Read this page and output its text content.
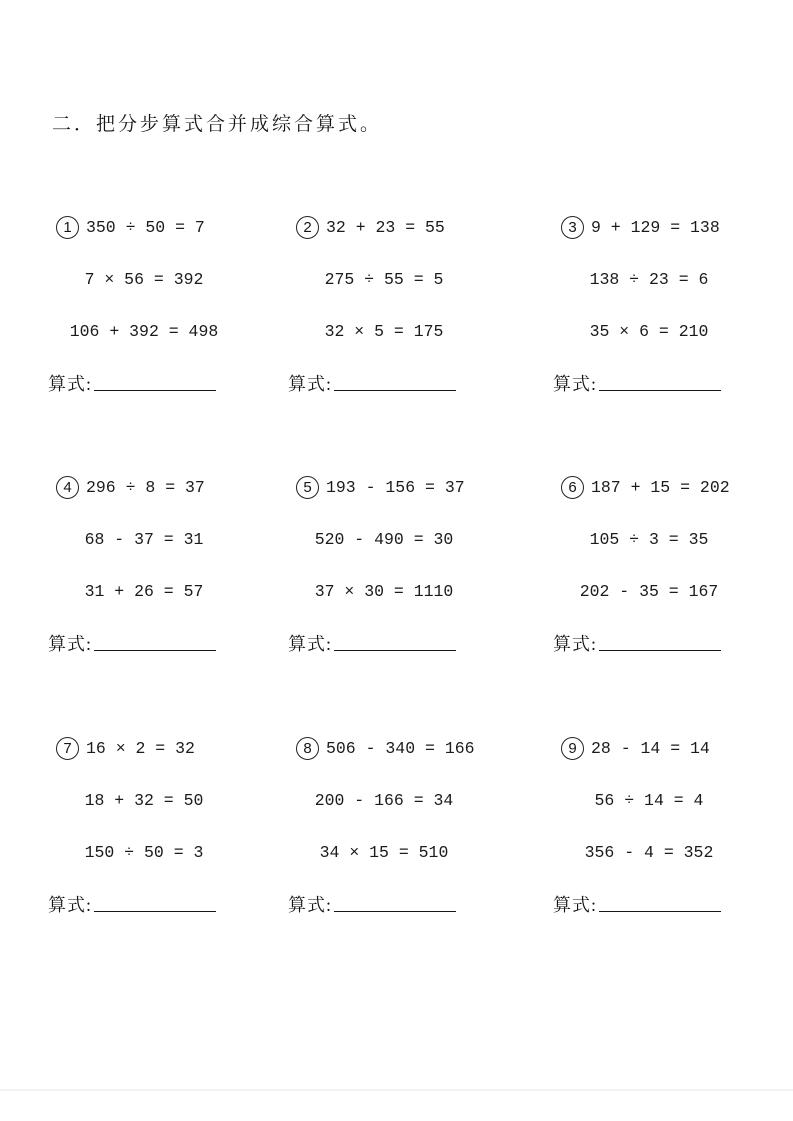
二．把分步算式合并成综合算式。
1 350 ÷ 50 = 7
7 × 56 = 392
106 + 392 = 498
算式:
2 32 + 23 = 55
275 ÷ 55 = 5
32 × 5 = 175
算式:
3 9 + 129 = 138
138 ÷ 23 = 6
35 × 6 = 210
算式:
4 296 ÷ 8 = 37
68 - 37 = 31
31 + 26 = 57
算式:
5 193 - 156 = 37
520 - 490 = 30
37 × 30 = 1110
算式:
6 187 + 15 = 202
105 ÷ 3 = 35
202 - 35 = 167
算式:
7 16 × 2 = 32
18 + 32 = 50
150 ÷ 50 = 3
算式:
8 506 - 340 = 166
200 - 166 = 34
34 × 15 = 510
算式:
9 28 - 14 = 14
56 ÷ 14 = 4
356 - 4 = 352
算式:
